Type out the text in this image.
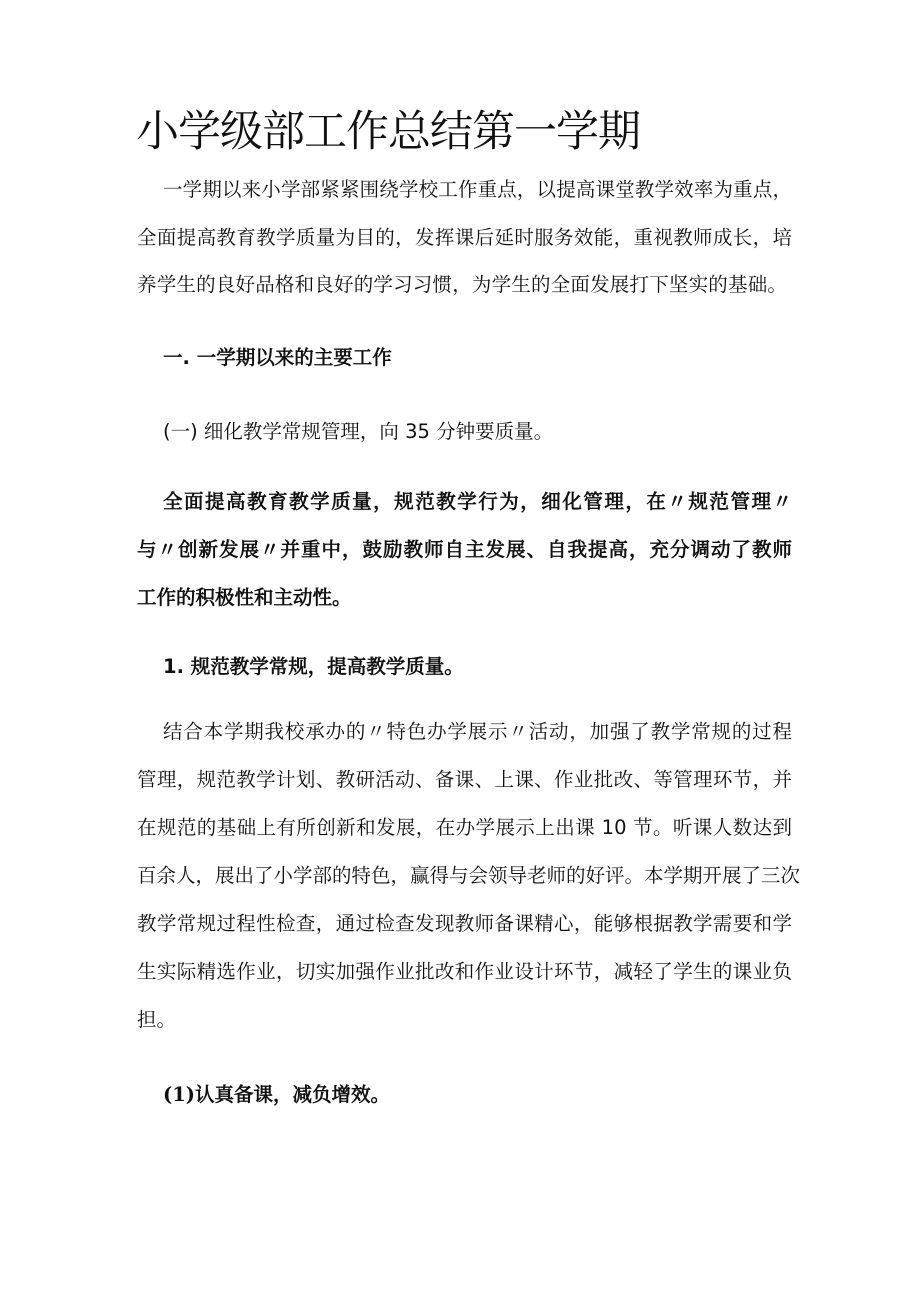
小学级部工作总结第一学期
一学期以来小学部紧紧围绕学校工作重点，以提高课堂教学效率为重点，
全面提高教育教学质量为目的，发挥课后延时服务效能，重视教师成长，培
养学生的良好品格和良好的学习习惯，为学生的全面发展打下坚实的基础。
一. 一学期以来的主要工作
(一) 细化教学常规管理，向 35 分钟要质量。
全面提高教育教学质量，规范教学行为，细化管理，在〃规范管理〃
与〃创新发展〃并重中，鼓励教师自主发展、自我提高，充分调动了教师
工作的积极性和主动性。
1. 规范教学常规，提高教学质量。
结合本学期我校承办的〃特色办学展示〃活动，加强了教学常规的过程
管理，规范教学计划、教研活动、备课、上课、作业批改、等管理环节，并
在规范的基础上有所创新和发展，在办学展示上出课 10 节。听课人数达到
百余人，展出了小学部的特色，赢得与会领导老师的好评。本学期开展了三次
教学常规过程性检查，通过检查发现教师备课精心，能够根据教学需要和学
生实际精选作业，切实加强作业批改和作业设计环节，减轻了学生的课业负
担。
(1)认真备课，减负增效。
